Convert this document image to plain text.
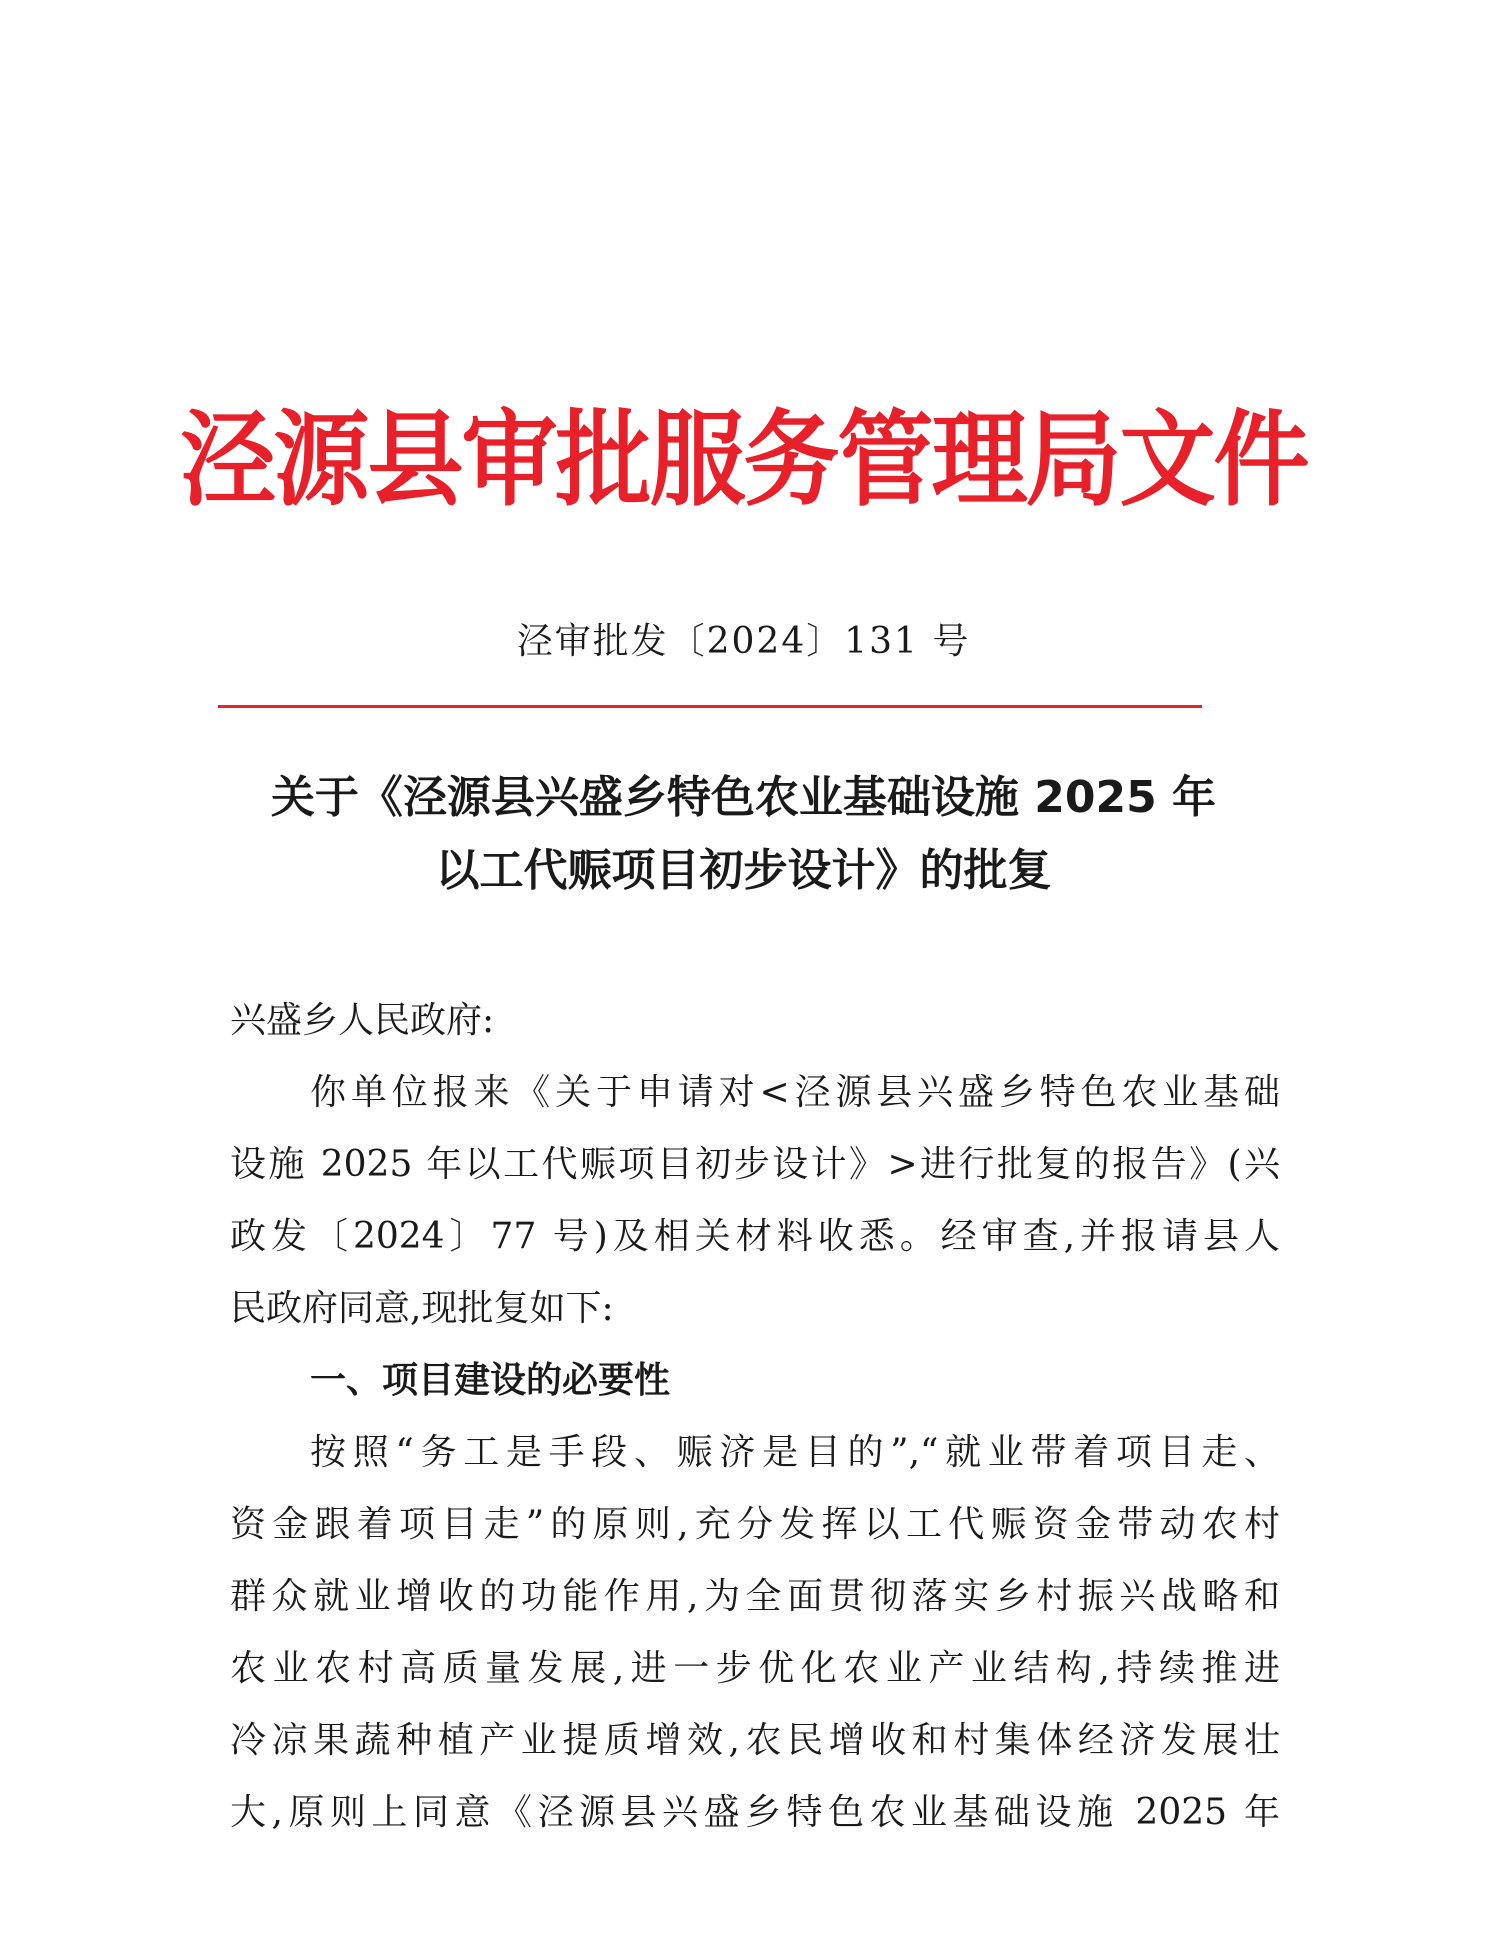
泾源县审批服务管理局文件
泾审批发〔2024〕131 号
关于《泾源县兴盛乡特色农业基础设施 2025 年
以工代赈项目初步设计》的批复
兴盛乡人民政府:
你单位报来《关于申请对<泾源县兴盛乡特色农业基础
设施 2025 年以工代赈项目初步设计》>进行批复的报告》(兴
政发〔2024〕77 号)及相关材料收悉。经审查,并报请县人
民政府同意,现批复如下:
一、项目建设的必要性
按照“务工是手段、赈济是目的”,“就业带着项目走、
资金跟着项目走”的原则,充分发挥以工代赈资金带动农村
群众就业增收的功能作用,为全面贯彻落实乡村振兴战略和
农业农村高质量发展,进一步优化农业产业结构,持续推进
冷凉果蔬种植产业提质增效,农民增收和村集体经济发展壮
大,原则上同意《泾源县兴盛乡特色农业基础设施 2025 年
